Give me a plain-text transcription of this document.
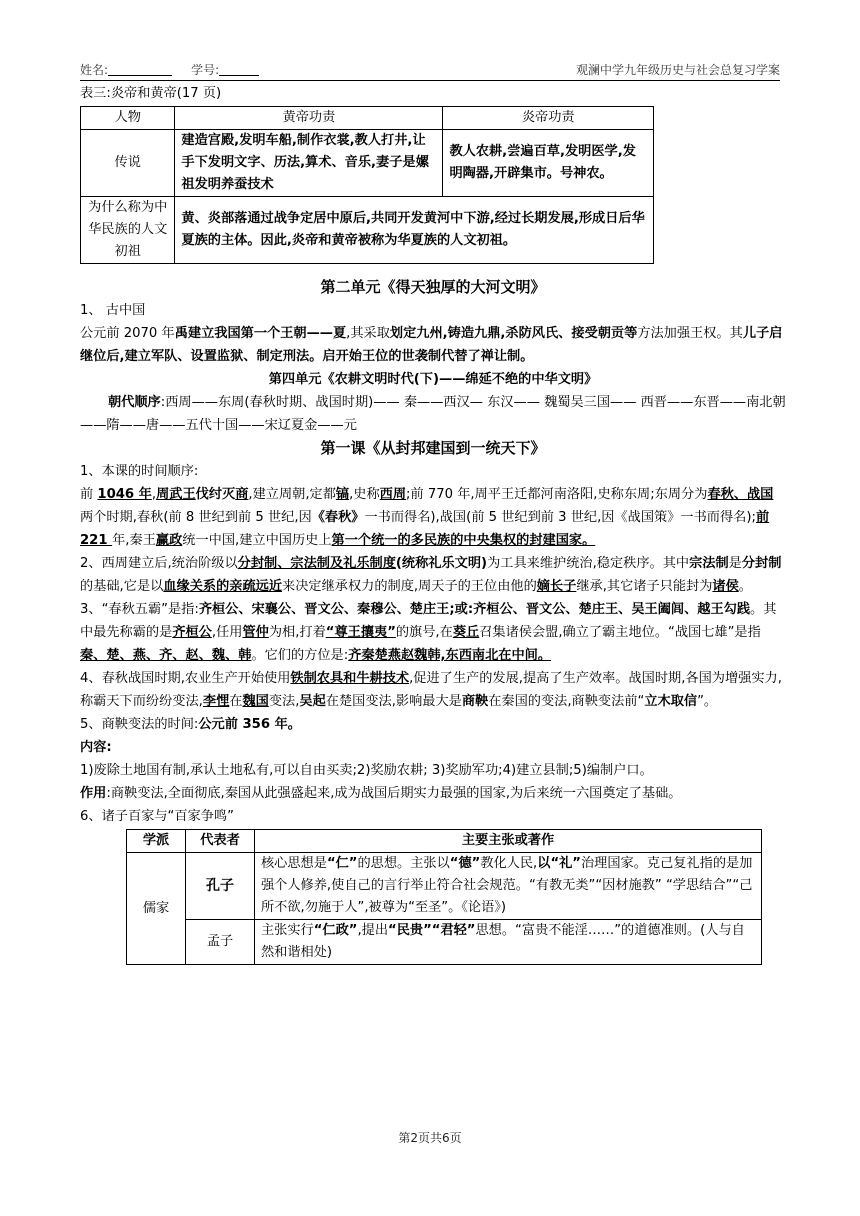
姓名:	学号:	观澜中学九年级历史与社会总复习学案

表三:炎帝和黄帝(17 页)

人物	黄帝功责	炎帝功责
传说	建造宫殿,发明车船,制作衣裳,教人打井,让手下发明文字、历法,算术、音乐,妻子是嫘祖发明养蚕技术	教人农耕,尝遍百草,发明医学,发明陶器,开辟集市。号神农。
为什么称为中华民族的人文初祖	黄、炎部落通过战争定居中原后,共同开发黄河中下游,经过长期发展,形成日后华夏族的主体。因此,炎帝和黄帝被称为华夏族的人文初祖。	

第二单元《得天独厚的大河文明》

1、 古中国

公元前 2070 年禹建立我国第一个王朝——夏,其采取划定九州,铸造九鼎,杀防风氏、接受朝贡等方法加强王权。其儿子启继位后,建立军队、设置监狱、制定刑法。启开始王位的世袭制代替了禅让制。

第四单元《农耕文明时代(下)——绵延不绝的中华文明》

朝代顺序:西周——东周(春秋时期、战国时期)—— 秦——西汉— 东汉—— 魏蜀吴三国—— 西晋——东晋——南北朝——隋——唐——五代十国——宋辽夏金——元

第一课《从封邦建国到一统天下》

1、本课的时间顺序:

前 1046 年,周武王伐纣灭商,建立周朝,定都镐,史称西周;前 770 年,周平王迁都河南洛阳,史称东周;东周分为春秋、战国两个时期,春秋(前 8 世纪到前 5 世纪,因《春秋》一书而得名),战国(前 5 世纪到前 3 世纪,因《战国策》一书而得名);前 221 年,秦王赢政统一中国,建立中国历史上第一个统一的多民族的中央集权的封建国家。

2、西周建立后,统治阶级以分封制、宗法制及礼乐制度(统称礼乐文明)为工具来维护统治,稳定秩序。其中宗法制是分封制的基础,它是以血缘关系的亲疏远近来决定继承权力的制度,周天子的王位由他的嫡长子继承,其它诸子只能封为诸侯。

3、“春秋五霸”是指:齐桓公、宋襄公、晋文公、秦穆公、楚庄王;或:齐桓公、晋文公、楚庄王、吴王阖闾、越王勾践。其中最先称霸的是齐桓公,任用管仲为相,打着“尊王攘夷”的旗号,在葵丘召集诸侯会盟,确立了霸主地位。“战国七雄”是指秦、楚、燕、齐、赵、魏、韩。它们的方位是:齐秦楚燕赵魏韩,东西南北在中间。

4、春秋战国时期,农业生产开始使用铁制农具和牛耕技术,促进了生产的发展,提高了生产效率。战国时期,各国为增强实力,称霸天下而纷纷变法,李悝在魏国变法,吴起在楚国变法,影响最大是商鞅在秦国的变法,商鞅变法前“立木取信”。

5、商鞅变法的时间:公元前 356 年。

内容:

1)废除土地国有制,承认土地私有,可以自由买卖;2)奖励农耕; 3)奖励军功;4)建立县制;5)编制户口。

作用:商鞅变法,全面彻底,秦国从此强盛起来,成为战国后期实力最强的国家,为后来统一六国奠定了基础。

6、诸子百家与“百家争鸣”

学派	代表者	主要主张或著作
儒家	孔子	核心思想是“仁”的思想。主张以“德”教化人民,以“礼”治理国家。克己复礼指的是加强个人修养,使自己的言行举止符合社会规范。“有教无类”“因材施教” “学思结合”“己所不欲,勿施于人”,被尊为“至圣”。《论语》)
	孟子	主张实行“仁政”,提出“民贵”“君轻”思想。“富贵不能淫……”的道德准则。(人与自然和谐相处)
第2页共6页
